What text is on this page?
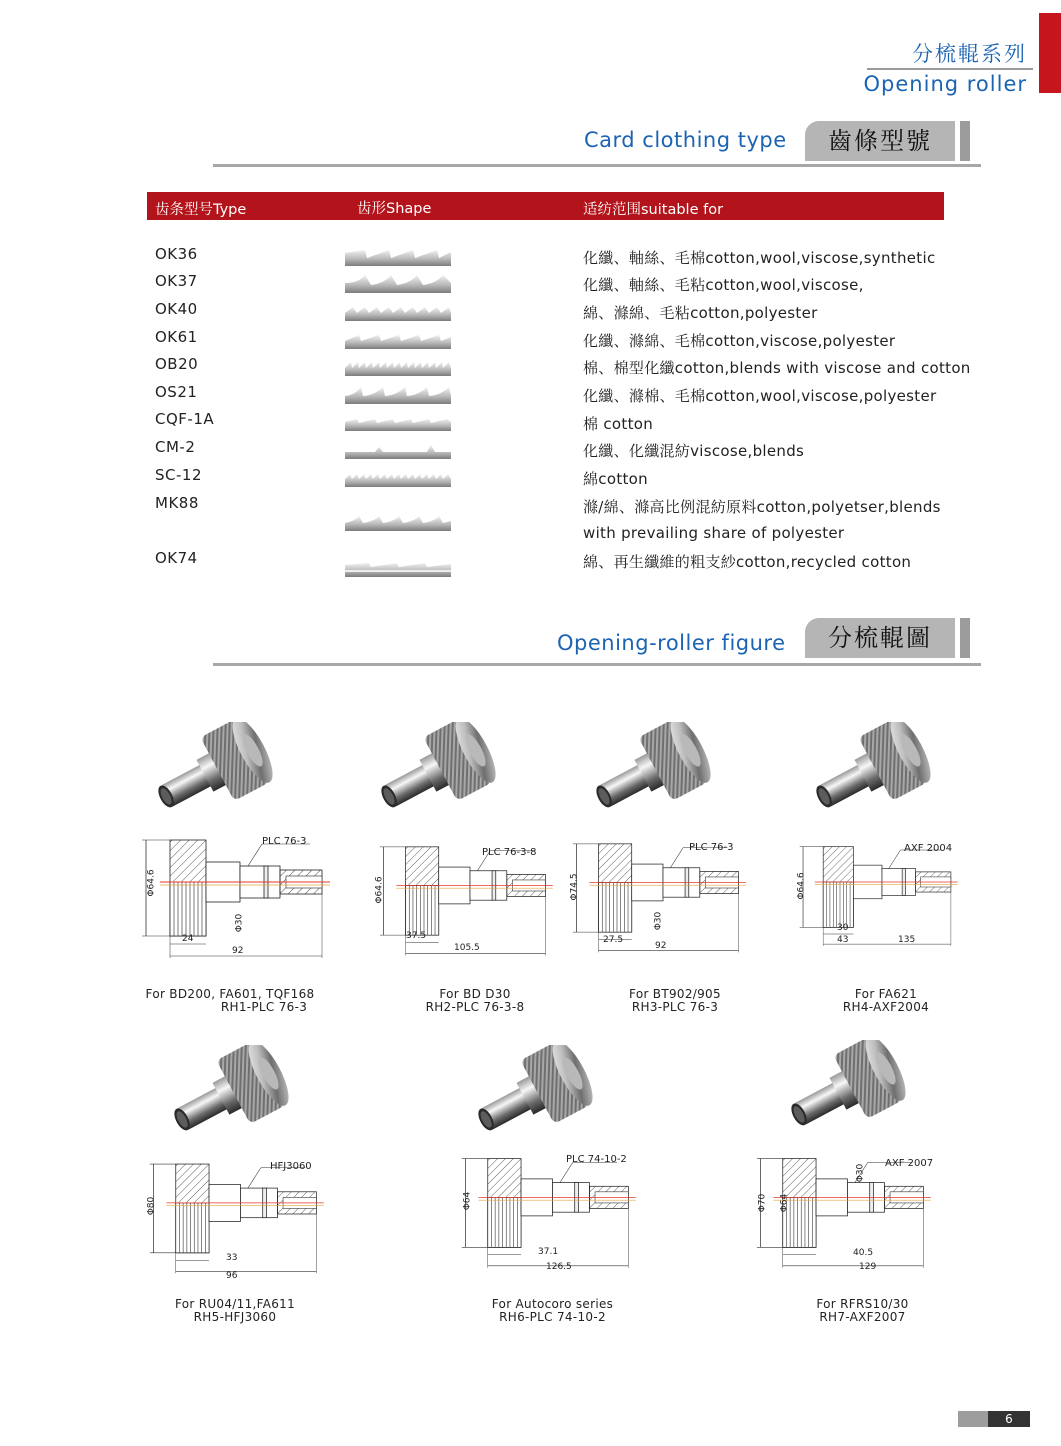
分梳輥系列
Opening roller
Card clothing type	齒條型號
齿条型号Type	齿形Shape	适纺范围suitable for
OK36	化纖、軸絲、毛棉cotton,wool,viscose,synthetic
OK37	化纖、軸絲、毛粘cotton,wool,viscose,
OK40	綿、滌綿、毛粘cotton,polyester
OK61	化纖、滌綿、毛棉cotton,viscose,polyester
OB20	棉、棉型化纖cotton,blends with viscose and cotton
OS21	化纖、滌棉、毛棉cotton,wool,viscose,polyester
CQF-1A	棉 cotton
CM-2	化纖、化纖混紡viscose,blends
SC-12	綿cotton
MK88	滌/綿、滌高比例混紡原料cotton,polyetser,blends
with prevailing share of polyester
OK74	綿、再生纖維的粗支紗cotton,recycled cotton
Opening-roller figure	分梳輥圖
PLC 76-3
Φ64.6
Φ30
24
92
PLC 76-3-8
Φ64.6
37.5
105.5
PLC 76-3
Φ74.5
Φ30
27.5
92
AXF 2004
Φ64.6
30
43	135
For BD200, FA601, TQF168
RH1-PLC 76-3
For BD D30
RH2-PLC 76-3-8
For BT902/905
RH3-PLC 76-3
For FA621
RH4-AXF2004
HFJ3060
Φ80
33
96
PLC 74-10-2
Φ64
37.1
126.5
AXF 2007
Φ70 Φ64
Φ30
40.5
129
For RU04/11,FA611
RH5-HFJ3060
For Autocoro series
RH6-PLC 74-10-2
For RFRS10/30
RH7-AXF2007
6
